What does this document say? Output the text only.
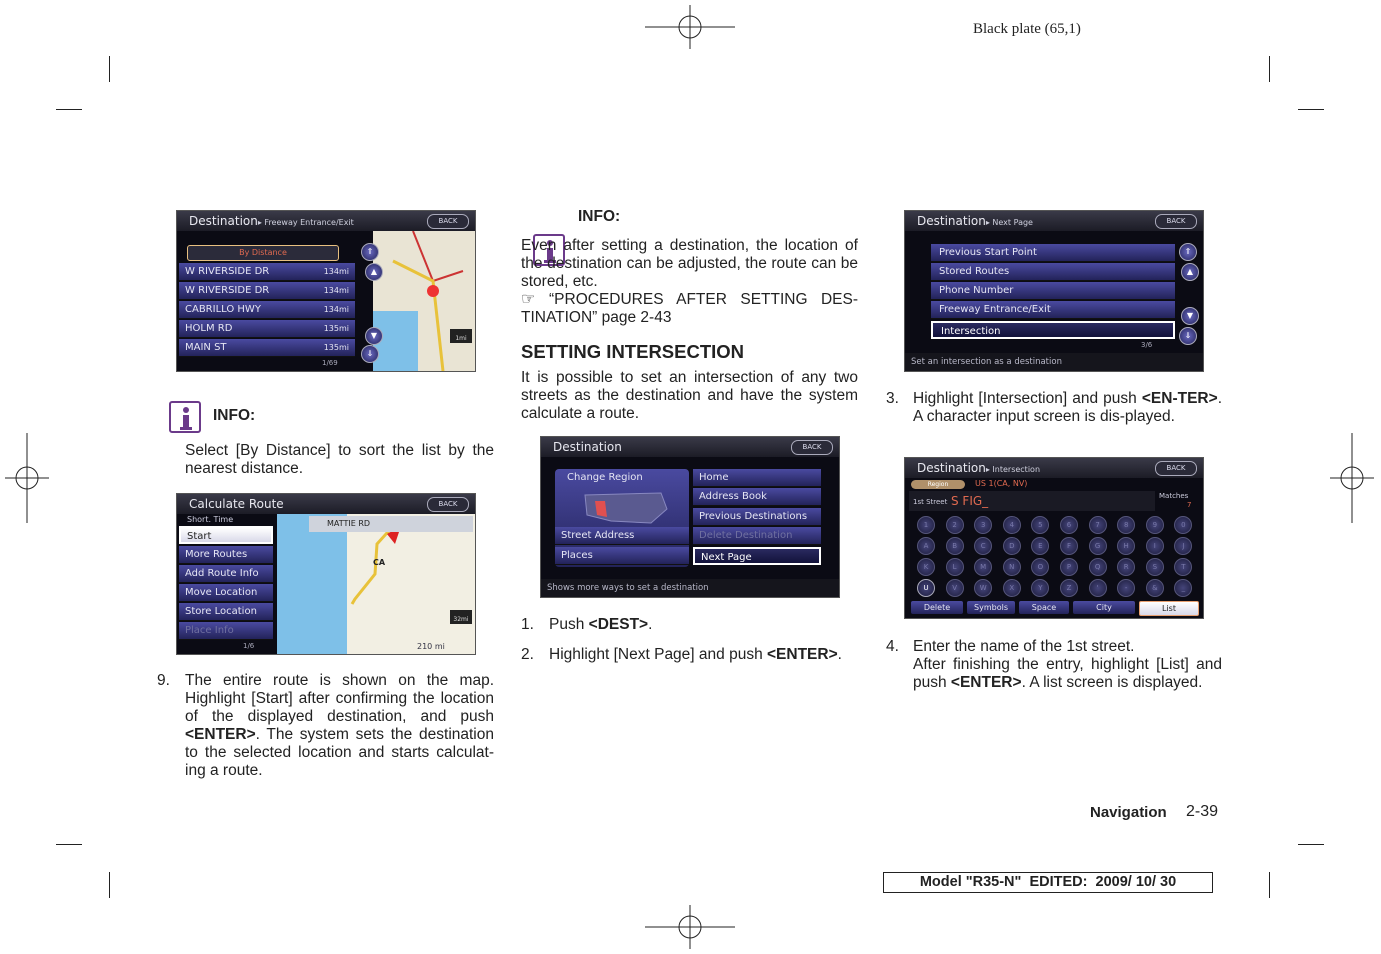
Black plate (65,1)
Destination▸ Freeway Entrance/Exit	BACK
By Distance
W RIVERSIDE DR	134mi
W RIVERSIDE DR	134mi
CABRILLO HWY	134mi
HOLM RD	135mi
MAIN ST	135mi
⇑
▲
▼
⇓
1/69
1mi
INFO:
Select [By Distance] to sort the list by the nearest distance.
Calculate Route	BACK
MATTIE RD
CA
Short. Time
Start
More Routes
Add Route Info
Move Location
Store Location
Place Info
1/6	210 mi
32mi
9. The entire route is shown on the map. Highlight [Start] after confirming the location of the displayed destination, and push <ENTER>. The system sets the destination to the selected location and starts calculat-ing a route.
INFO:
Even after setting a destination, the location of the destination can be adjusted, the route can be stored, etc.
☞ “PROCEDURES AFTER SETTING DES-TINATION” page 2-43
SETTING INTERSECTION
It is possible to set an intersection of any two streets as the destination and have the system calculate a route.
Destination	BACK
Change Region
Street Address
Places
Home
Address Book
Previous Destinations
Delete Destination
Next Page
Shows more ways to set a destination
1. Push <DEST>.
2. Highlight [Next Page] and push <ENTER>.
Destination▸ Next Page	BACK
Previous Start Point
Stored Routes
Phone Number
Freeway Entrance/Exit
Intersection
⇑
▲
▼
⇓
3/6
Set an intersection as a destination
3. Highlight [Intersection] and push <EN-TER>. A character input screen is dis-played.
Destination▸ Intersection	BACK
Region	US 1(CA, NV)
1st Street S FIG_	Matches
7
1	2	3	4	5	6	7	8	9	0
A	B	C	D	E	F	G	H	I	J
K	L	M	N	O	P	Q	R	S	T
U	V	W	X	Y	Z	'	-	&	_
Delete	Symbols	Space	City	List
4. Enter the name of the 1st street.
After finishing the entry, highlight [List] and push <ENTER>. A list screen is displayed.
Navigation 2-39
Model "R35-N"  EDITED:  2009/ 10/ 30
